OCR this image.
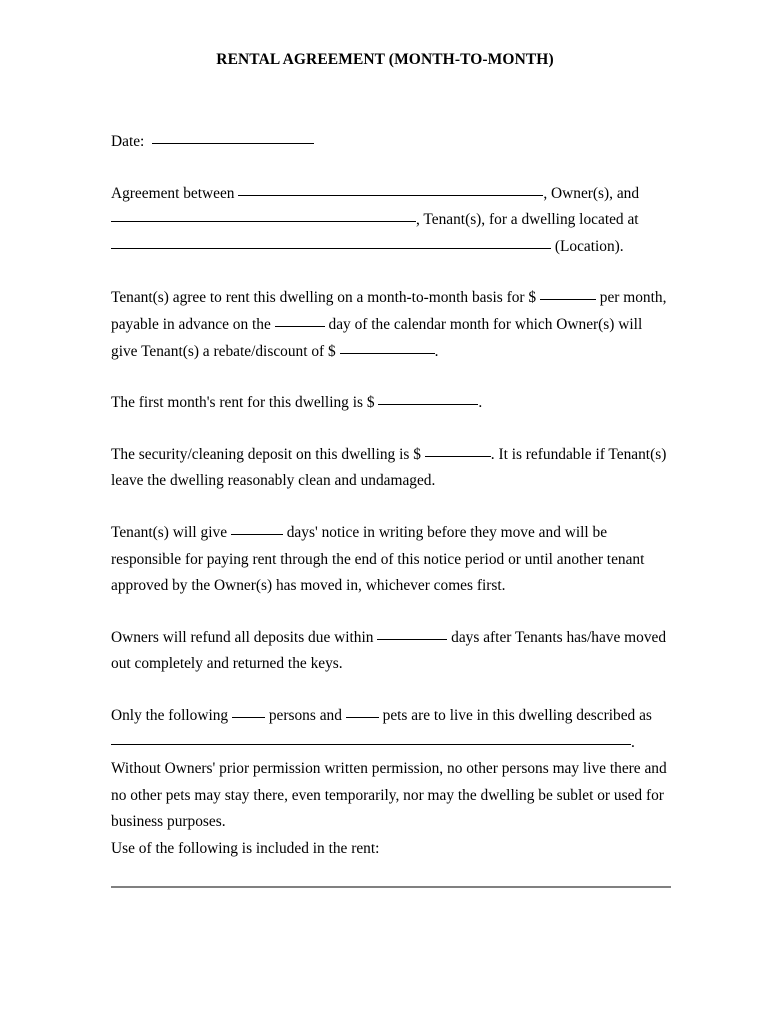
RENTAL AGREEMENT (MONTH-TO-MONTH)

Date:

Agreement between	, Owner(s), and , Tenant(s), for a dwelling located at  (Location).

Tenant(s) agree to rent this dwelling on a month-to-month basis for $	per month, payable in advance on the	day of the calendar month for which Owner(s) will give Tenant(s) a rebate/discount of $	.

The first month's rent for this dwelling is $	.

The security/cleaning deposit on this dwelling is $	. It is refundable if Tenant(s) leave the dwelling reasonably clean and undamaged.

Tenant(s) will give	days' notice in writing before they move and will be responsible for paying rent through the end of this notice period or until another tenant approved by the Owner(s) has moved in, whichever comes first.

Owners will refund all deposits due within	days after Tenants has/have moved out completely and returned the keys.

Only the following  persons and  pets are to live in this dwelling described as

.

Without Owners' prior permission written permission, no other persons may live there and no other pets may stay there, even temporarily, nor may the dwelling be sublet or used for business purposes.

Use of the following is included in the rent:
